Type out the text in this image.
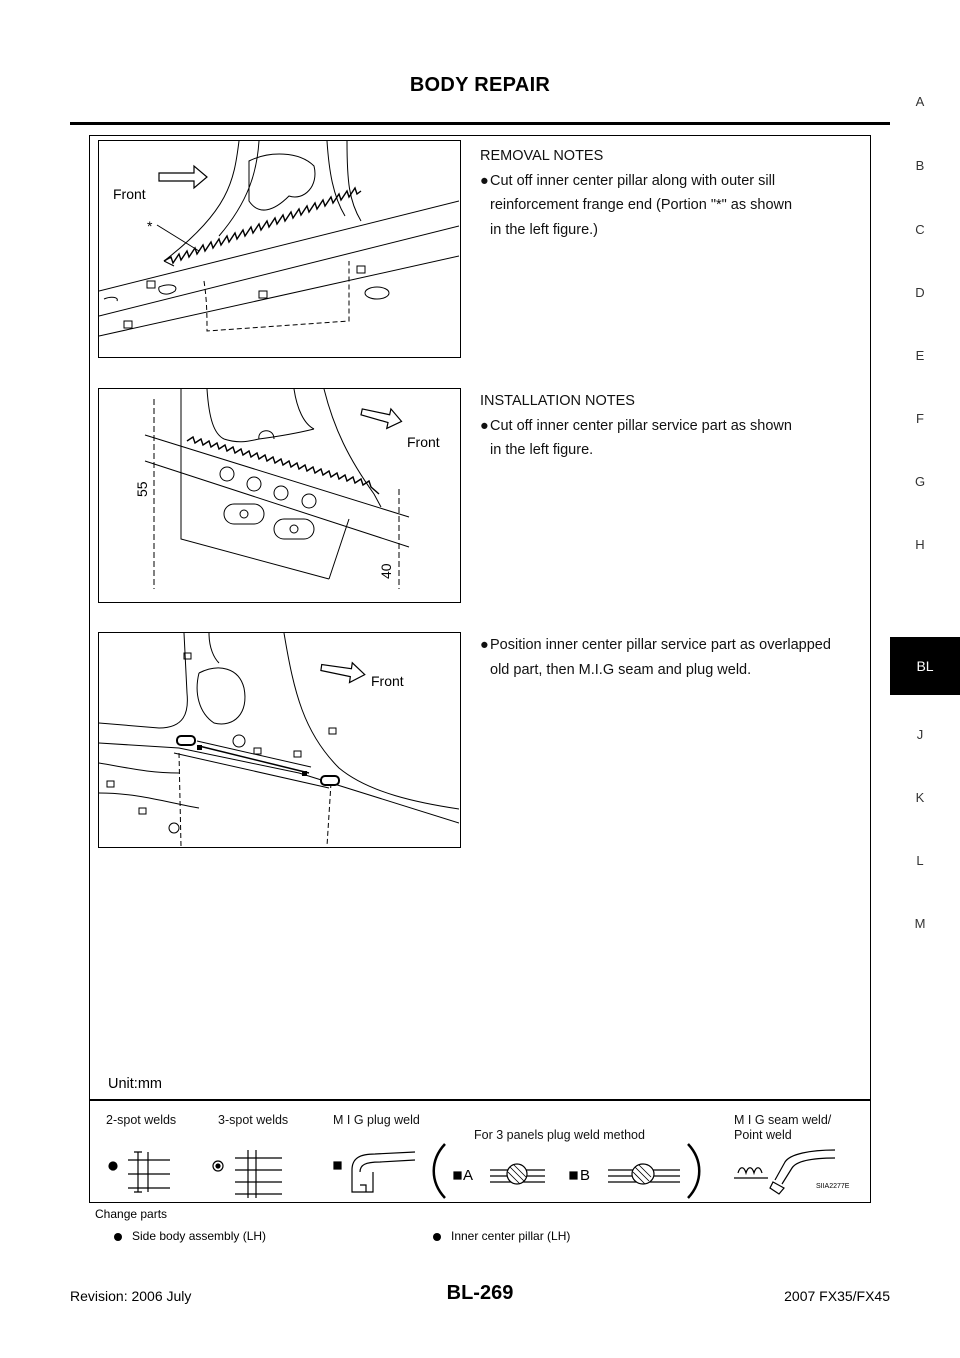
BODY REPAIR
A
B
C
D
E
F
G
H
BL
J
K
L
M
Front
*
REMOVAL NOTES
●Cut off inner center pillar along with outer sill
reinforcement frange end (Portion "*" as shown
in the left figure.)
Front
55
40
INSTALLATION NOTES
●Cut off inner center pillar service part as shown
in the left figure.
Front
●Position inner center pillar service part as overlapped
old part, then M.I.G seam and plug weld.
Unit:mm
2-spot welds	3-spot welds	M I G plug weld
For 3 panels plug weld method
M I G seam weld/
Point weld
A	B
SIIA2277E
Change parts
Side body assembly (LH)	Inner center pillar (LH)
Revision: 2006 July	BL-269	2007 FX35/FX45
